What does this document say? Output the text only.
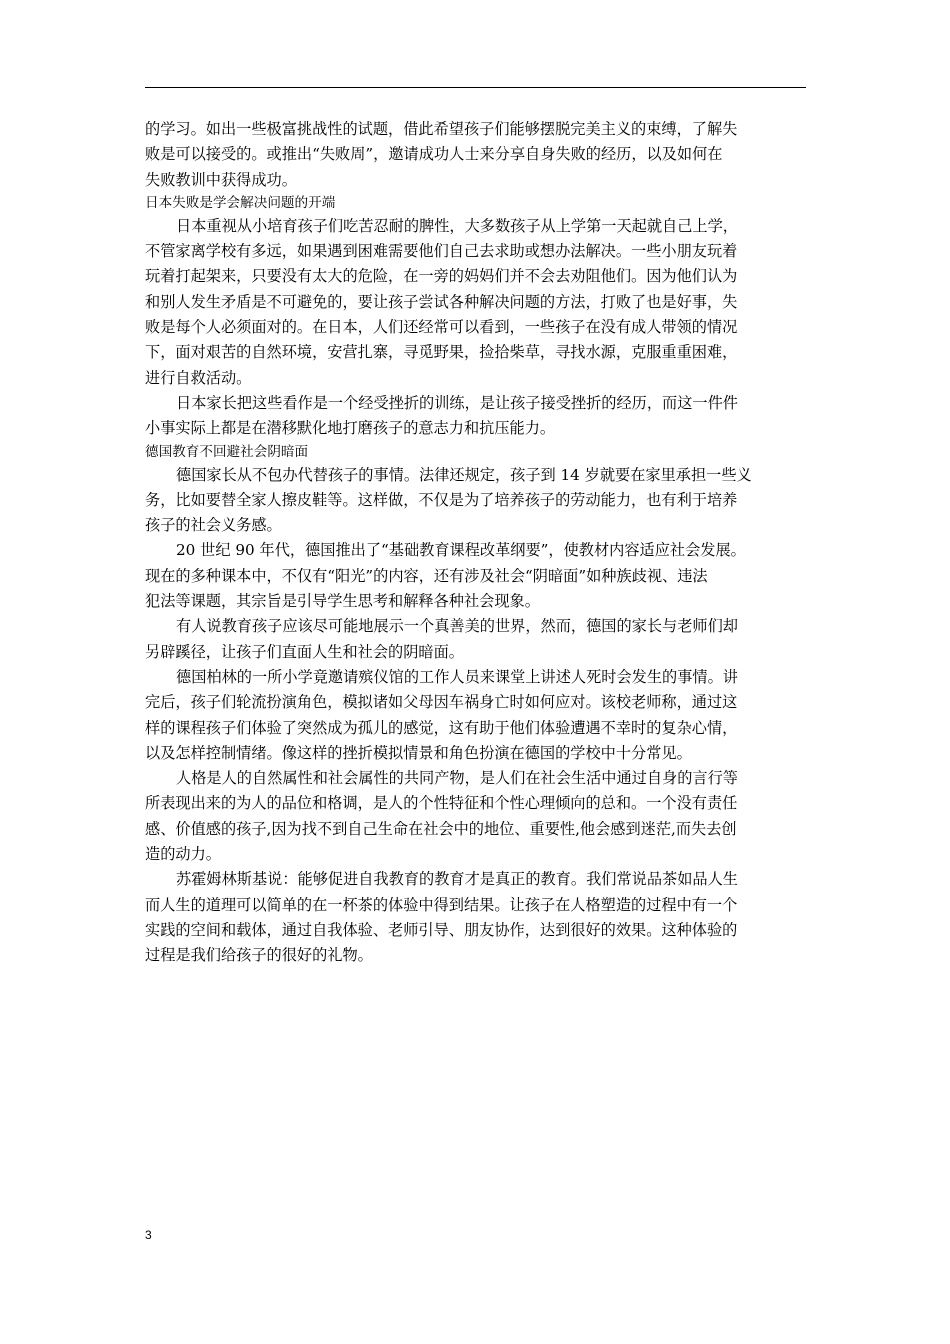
的学习。如出一些极富挑战性的试题，借此希望孩子们能够摆脱完美主义的束缚，了解失
败是可以接受的。或推出“失败周”，邀请成功人士来分享自身失败的经历，以及如何在
失败教训中获得成功。
日本失败是学会解决问题的开端
日本重视从小培育孩子们吃苦忍耐的脾性，大多数孩子从上学第一天起就自己上学，
不管家离学校有多远，如果遇到困难需要他们自己去求助或想办法解决。一些小朋友玩着
玩着打起架来，只要没有太大的危险，在一旁的妈妈们并不会去劝阻他们。因为他们认为
和别人发生矛盾是不可避免的，要让孩子尝试各种解决问题的方法，打败了也是好事，失
败是每个人必须面对的。在日本，人们还经常可以看到，一些孩子在没有成人带领的情况
下，面对艰苦的自然环境，安营扎寨，寻觅野果，捡拾柴草，寻找水源，克服重重困难，
进行自救活动。
日本家长把这些看作是一个经受挫折的训练，是让孩子接受挫折的经历，而这一件件
小事实际上都是在潜移默化地打磨孩子的意志力和抗压能力。
德国教育不回避社会阴暗面
德国家长从不包办代替孩子的事情。法律还规定，孩子到 14 岁就要在家里承担一些义
务，比如要替全家人擦皮鞋等。这样做，不仅是为了培养孩子的劳动能力，也有利于培养
孩子的社会义务感。
20 世纪 90 年代，德国推出了“基础教育课程改革纲要”，使教材内容适应社会发展。
现在的多种课本中，不仅有“阳光”的内容，还有涉及社会“阴暗面”如种族歧视、违法
犯法等课题，其宗旨是引导学生思考和解释各种社会现象。
有人说教育孩子应该尽可能地展示一个真善美的世界，然而，德国的家长与老师们却
另辟蹊径，让孩子们直面人生和社会的阴暗面。
德国柏林的一所小学竟邀请殡仪馆的工作人员来课堂上讲述人死时会发生的事情。讲
完后，孩子们轮流扮演角色，模拟诸如父母因车祸身亡时如何应对。该校老师称，通过这
样的课程孩子们体验了突然成为孤儿的感觉，这有助于他们体验遭遇不幸时的复杂心情，
以及怎样控制情绪。像这样的挫折模拟情景和角色扮演在德国的学校中十分常见。
人格是人的自然属性和社会属性的共同产物，是人们在社会生活中通过自身的言行等
所表现出来的为人的品位和格调，是人的个性特征和个性心理倾向的总和。一个没有责任
感、价值感的孩子,因为找不到自己生命在社会中的地位、重要性,他会感到迷茫,而失去创
造的动力。
苏霍姆林斯基说：能够促进自我教育的教育才是真正的教育。我们常说品茶如品人生
而人生的道理可以简单的在一杯茶的体验中得到结果。让孩子在人格塑造的过程中有一个
实践的空间和载体，通过自我体验、老师引导、朋友协作，达到很好的效果。这种体验的
过程是我们给孩子的很好的礼物。
3
